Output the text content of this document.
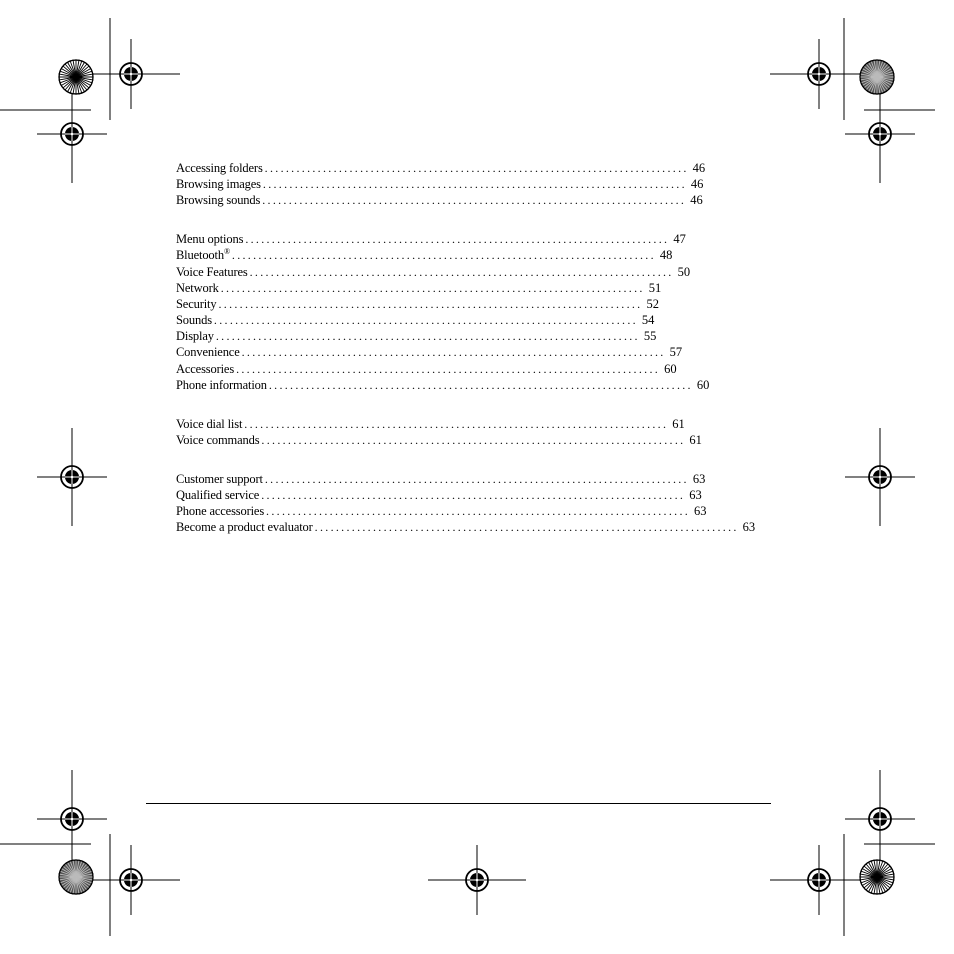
Accessing folders ................................................................................ 46
Browsing images ................................................................................ 46
Browsing sounds ................................................................................ 46
Menu options ................................................................................ 47
Bluetooth® ................................................................................ 48
Voice Features ................................................................................ 50
Network ................................................................................ 51
Security ................................................................................ 52
Sounds ................................................................................ 54
Display ................................................................................ 55
Convenience ................................................................................ 57
Accessories ................................................................................ 60
Phone information ................................................................................ 60
Voice dial list ................................................................................ 61
Voice commands ................................................................................ 61
Customer support ................................................................................ 63
Qualified service ................................................................................ 63
Phone accessories ................................................................................ 63
Become a product evaluator ................................................................................ 63
